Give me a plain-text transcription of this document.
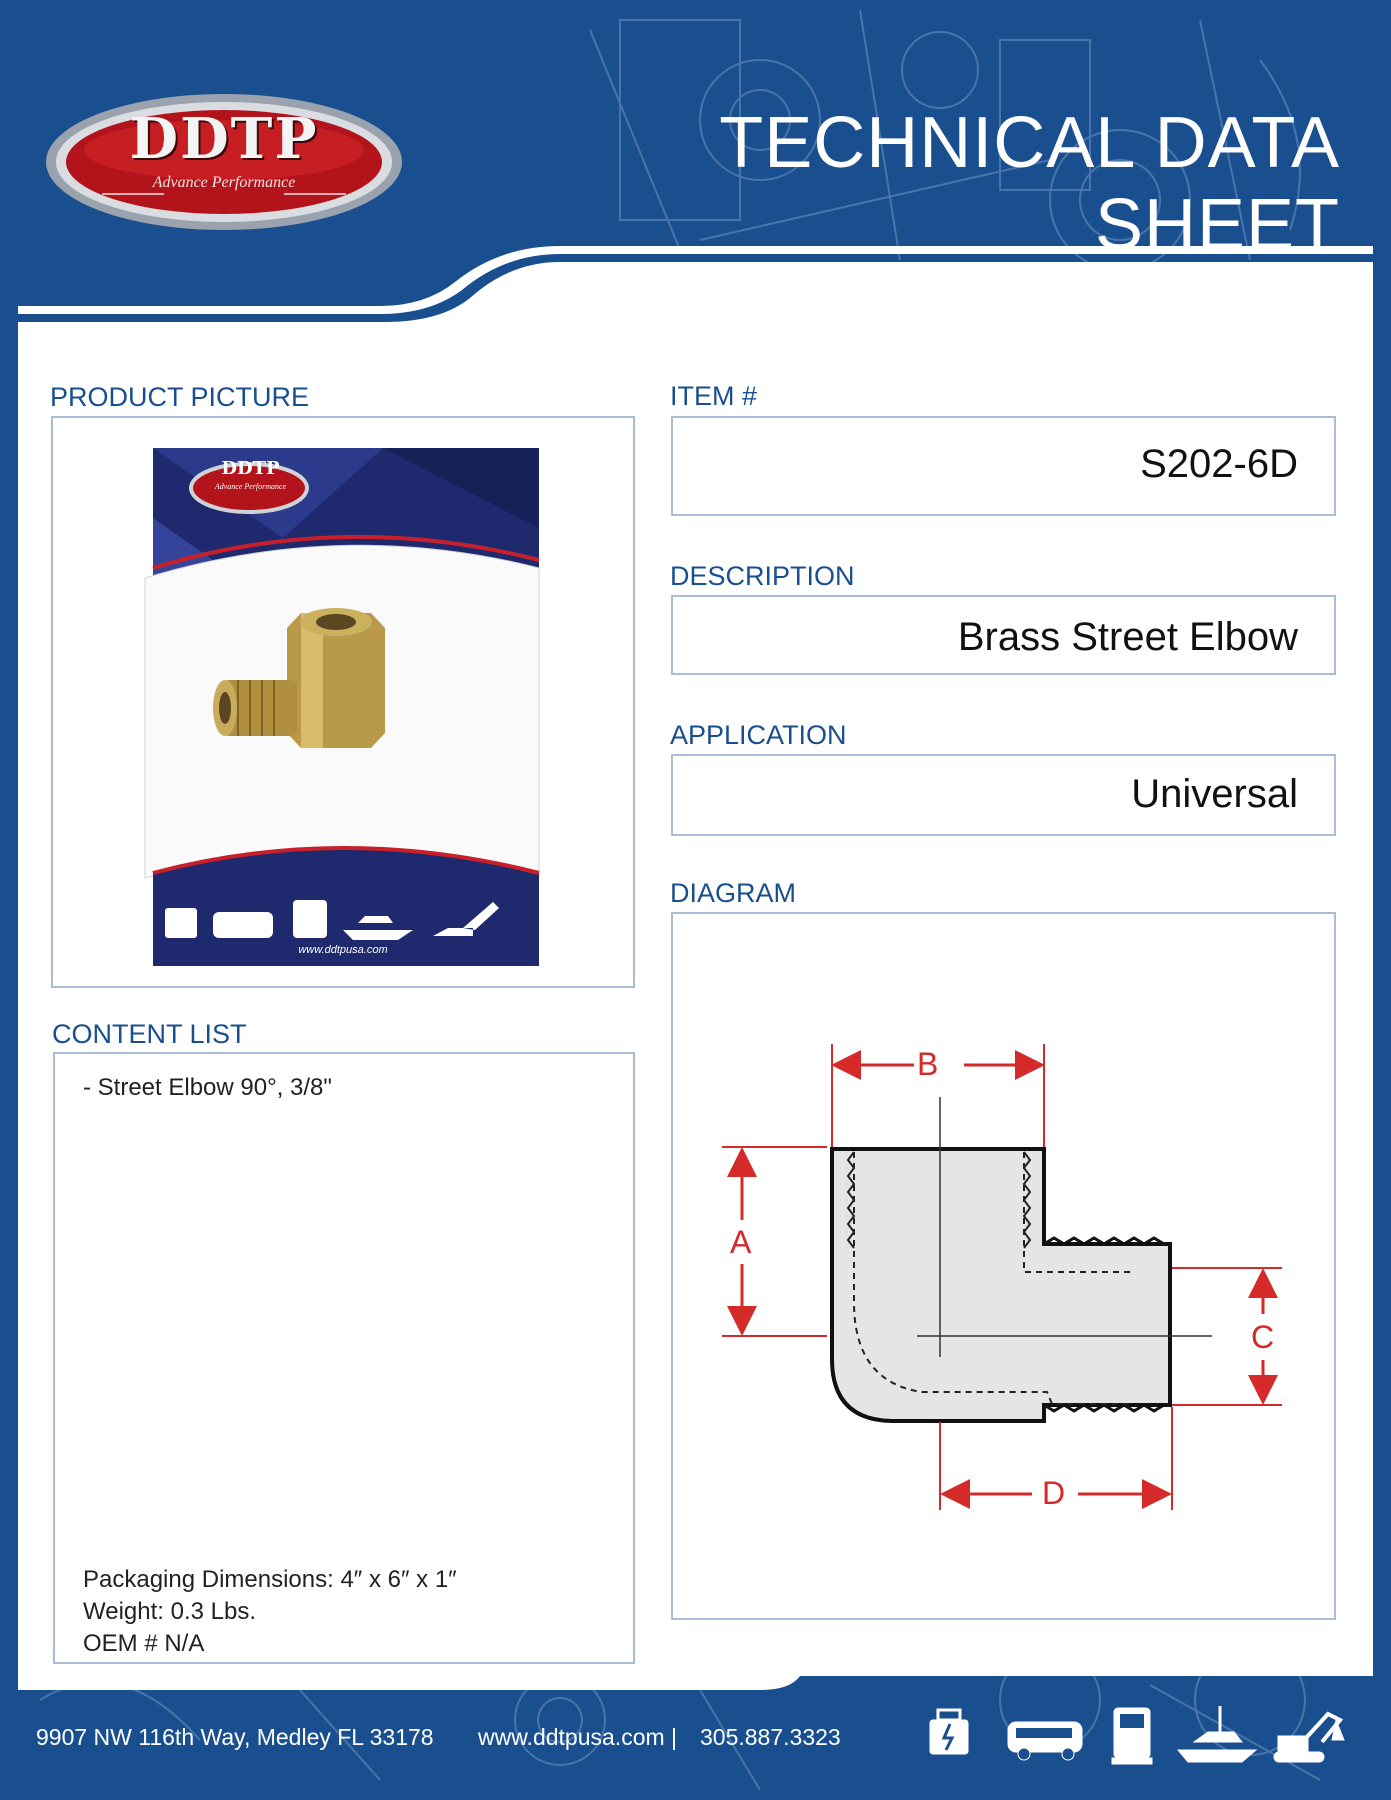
DDTP
Advance Performance	TECHNICAL DATA SHEET
PRODUCT PICTURE
DDTP
Advance Performance
www.ddtpusa.com
ITEM #
S202-6D
DESCRIPTION
Brass Street Elbow
APPLICATION
Universal
DIAGRAM
B
A
C
D
CONTENT LIST
- Street Elbow 90°, 3/8"
Packaging Dimensions: 4″ x 6″ x 1″
Weight: 0.3 Lbs.
OEM # N/A
9907 NW 116th Way, Medley FL 33178 www.ddtpusa.com | 305.887.3323
